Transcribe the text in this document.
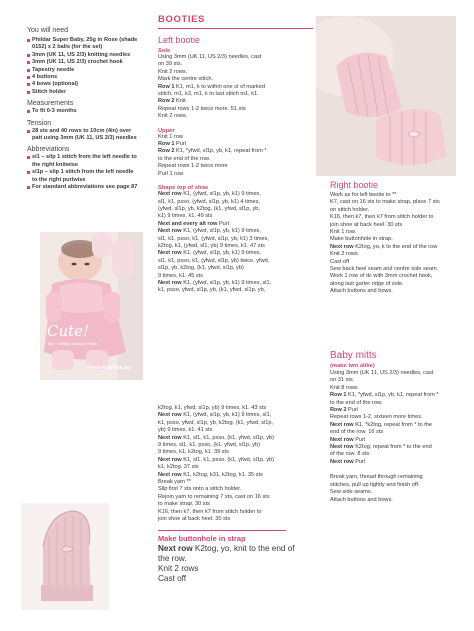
You will need
Phildar Super Baby, 25g in Rose (shade
0152) x 2 balls (for the set)
3mm (UK 11, US 2/3) knitting needles
3mm (UK 11, US 2/3) crochet hook
Tapestry needle
4 buttons
4 bows (optional)
Stitch holder
Measurements
To fit 0-3 months
Tension
28 sts and 40 rows to 10cm (4in) over
patt using 3mm (UK 11, US 2/3) needles
Abbreviations
sl1 – slip 1 stitch from the left needle to
the right knitwise
sl1p – slip 1 stitch from the left needle
to the right purlwise
For standard abbreviations see page 87
Cute!
Bab... Knitting Collection, Phildar
Чудо-Клубок.ру
BOOTIES
Left bootie
Sole
Using 3mm (UK 11, US 2/3) needles, cast
on 39 sts.
Knit 2 rows.
Mark the centre stitch.
Row 1 K1, m1, k to within one st of marked
stitch, m1, k3, m1, k to last stitch m1, k1.
Row 2 Knit
Repeat rows 1-2 twice more. 51 sts
Knit 2 rows.
Upper
Knit 1 row
Row 1 Purl
Row 2 K1, *yfwd, sl1p, yb, k1, repeat from *
to the end of the row.
Repeat rows 1-2 twice more
Purl 1 row
Shape top of shoe
Next row K1, (yfwd, sl1p, yb, k1) 9 times,
sl1, k1, psso, (yfwd, sl1p, yb, k1) 4 times,
(yfwd, sl1p, yb, k2tog, (k1, yfwd, sl1p, yb,
k1) 9 times, k1. 49 sts
Next and every alt row Purl
Next row K1, (yfwd, sl1p, yb, k1) 9 times,
sl1, k1, psso, k1, (yfwd, sl1p, yb, k1) 3 times,
k2tog, k1, (yfwd, sl1, yb) 9 times, k1. 47 sts
Next row K1, (yfwd, sl1p, yb, k1) 9 times,
sl1, k1, psso, k1, (yfwd, sl1p, yb) twice, yfwd,
sl1p, yb, k2tog, (k1, yfwd, sl1p, yb)
9 times, k1. 45 sts
Next row K1, (yfwd, sl1p, yb, k1) 9 times, sl1,
k1, psso, yfwd, sl1p, yb, (k1, yfwd, sl1p, yb,
k2tog, k1, yfwd, sl1p, yb) 9 times, k1. 43 sts
Next row K1, (yfwd, sl1p, yb, k1) 9 times, sl1,
k1, psso, yfwd, sl1p, yb, k2tog, (k1, yfwd, sl1p,
yb) 9 times, k1. 41 sts
Next row K1, sl1, k1, psso, (k1, yfwd, sl1p, yb)
9 times, sl1, k1, psso, (k1, yfwd, sl1p, yb)
9 times, k1, k2tog, k1. 39 sts
Next row K1, sl1, k1, psso, (k1, yfwd, sl1p, yb)
k1, k2tog. 37 sts
Next row K1, k2tog, k31, k2tog, k1. 35 sts
Break yarn **
Slip first 7 sts onto a stitch holder.
Rejoin yarn to remaining 7 sts, cast on 16 sts
to make strap, 30 sts
K16, then k7, then k7 from stitch holder to
join shoe at back heel. 30 sts
Make buttonhole in strap
Next row K2tog, yo, knit to the end of
the row.
Knit 2 rows
Cast off
Right bootie
Work as for left bootie to **
K7, cast on 16 sts to make strap, place 7 sts
on stitch holder.
K16, then k7, then k7 from stitch holder to
join shoe at back heel. 30 sts
Knit 1 row.
Make buttonhole in strap.
Next row K2tog, yo, k to the end of the row
Knit 2 rows.
Cast off
Sew back heel seam and centre sole seam.
Work 1 row of dc with 3mm crochet hook,
along last garter ridge of sole.
Attach buttons and bows.
Baby mitts
(make two alike)
Using 3mm (UK 11, US 2/3) needles, cast
on 31 sts.
Knit 8 rows
Row 1 K1, *yfwd, sl1p, yb, k1, repeat from *
to the end of the row.
Row 2 Purl
Repeat rows 1-2, sixteen more times.
Next row K1, *k2tog, repeat from * to the
end of the row. 16 sts
Next row Purl
Next row K2tog, repeat from * to the end
of the row. 8 sts
Next row Purl
Break yarn, thread through remaining
stitches, pull up tightly and finish off.
Sew side seams.
Attach buttons and bows.
